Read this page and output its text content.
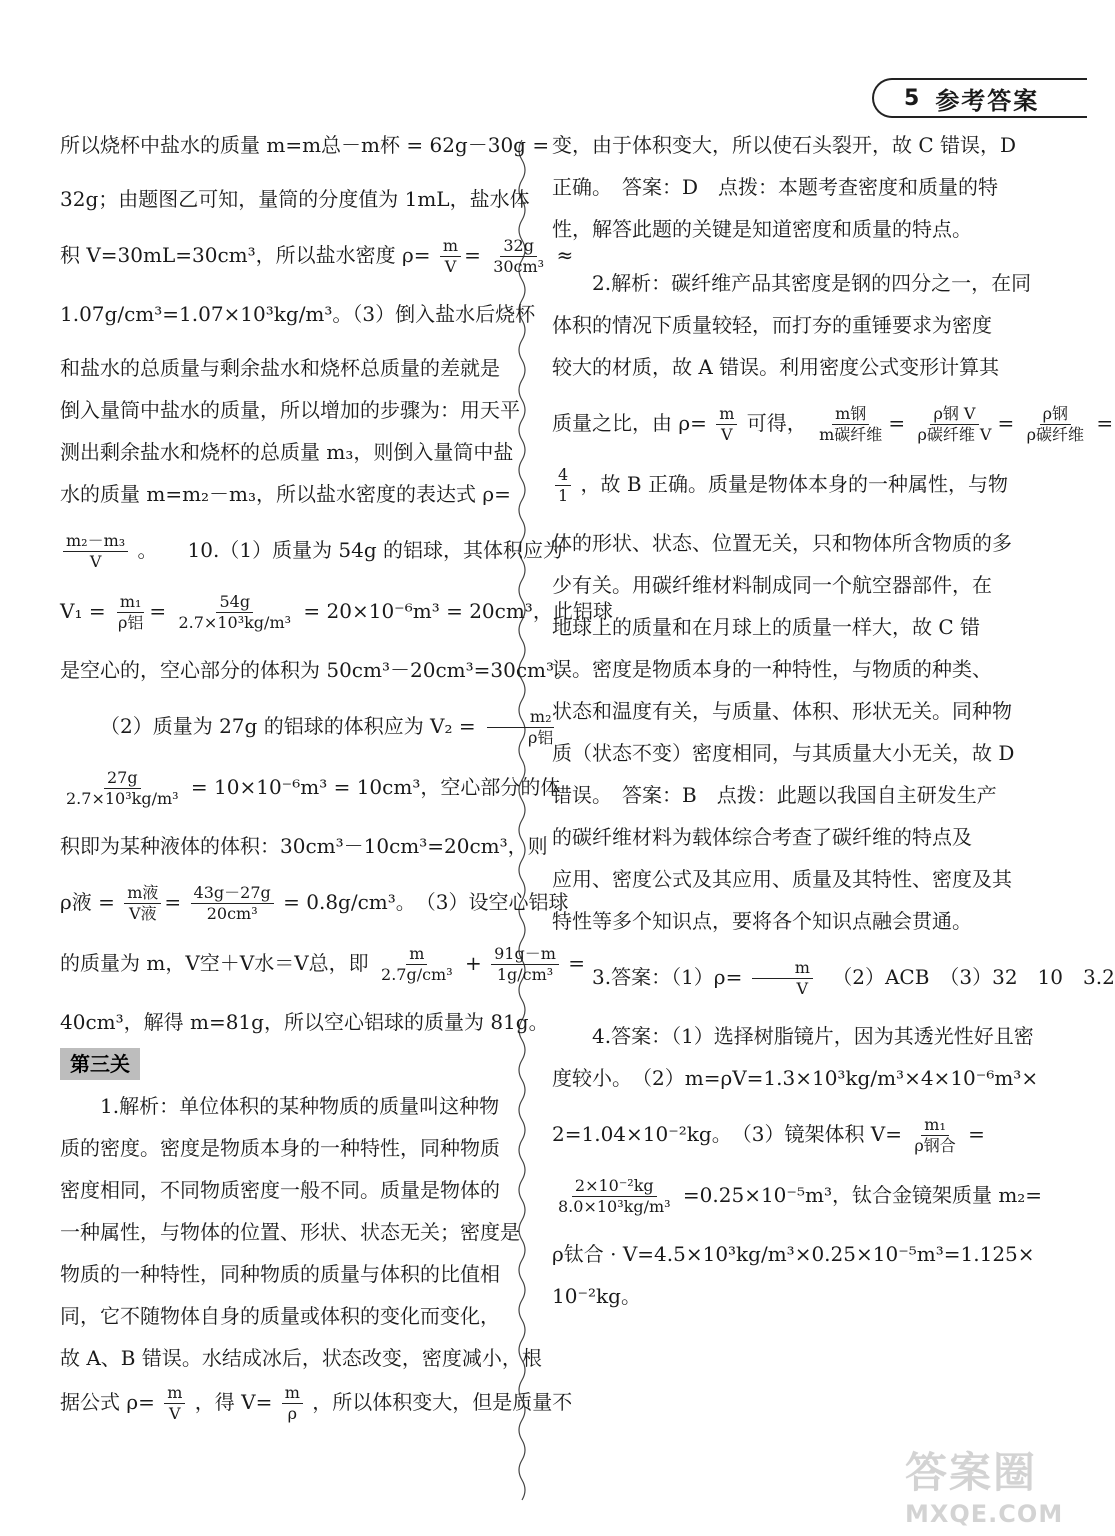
5 参考答案
所以烧杯中盐水的质量 m=m总－m杯 = 62g－30g =
32g；由题图乙可知，量筒的分度值为 1mL，盐水体
积 V=30mL=30cm³，所以盐水密度 $\rho= \frac{m}{V} = \frac{32g}{\text{30cm³}}$ ≈
1.07g/cm³=1.07×10³kg/m³。（3）倒入盐水后烧杯
和盐水的总质量与剩余盐水和烧杯总质量的差就是
倒入量筒中盐水的质量，所以增加的步骤为：用天平
测出剩余盐水和烧杯的总质量 m₃，则倒入量筒中盐
水的质量 m=m₂－m₃，所以盐水密度的表达式 ρ=
$\frac{\text{m₂－m₃}}{V}$ 。　　10.（1）质量为 54g 的铝球，其体积应为
$V_1 = \frac{\text{m₁}}{\text{ρ铝}} = \frac{54g}{\text{2.7×10³kg/m³}} = 20\times 10^{-6}m^3 = 20cm^3$，此铝球
是空心的，空心部分的体积为 50cm³－20cm³=30cm³。
（2）质量为 27g 的铝球的体积应为 $V_2 = \frac{\text{m₂}}{\text{ρ铝}}$
$\frac{27g}{\text{2.7×10³kg/m³}} = 10\times 10^{-6}m^3 = 10cm^3$，空心部分的体
积即为某种液体的体积：30cm³－10cm³=20cm³，则
ρ液 = $\frac{\text{m液}}{\text{V液}} = \frac{43g-27g}{\text{20cm³}} = 0.8g/cm^3$。　（3）设空心铝球
的质量为 m，V空＋V水＝V总，即 $\frac{m}{\text{2.7g/cm³}} + \frac{91g-m}{\text{1g/cm³}}$ =
40cm³，解得 m=81g，所以空心铝球的质量为 81g。
第三关
1.解析：单位体积的某种物质的质量叫这种物
质的密度。密度是物质本身的一种特性，同种物质
密度相同，不同物质密度一般不同。质量是物体的
一种属性，与物体的位置、形状、状态无关；密度是
物质的一种特性，同种物质的质量与体积的比值相
同，它不随物体自身的质量或体积的变化而变化，
故 A、B 错误。水结成冰后，状态改变，密度减小，根
据公式 $\rho= \frac{m}{V}$ ，得 $V= \frac{m}{\rho}$ ，所以体积变大，但是质量不
变，由于体积变大，所以使石头裂开，故 C 错误，D
正确。　答案：D　点拨：本题考查密度和质量的特
性，解答此题的关键是知道密度和质量的特点。
2.解析：碳纤维产品其密度是钢的四分之一，在同
体积的情况下质量较轻，而打夯的重锤要求为密度
较大的材质，故 A 错误。利用密度公式变形计算其
质量之比，由 $\rho= \frac{m}{V}$ 可得， $\frac{\text{m钢}}{\text{m碳纤维}} = \frac{\text{ρ钢 V}}{\text{ρ碳纤维 V}} = \frac{\text{ρ钢}}{\text{ρ碳纤维}}$ =
$\frac{4}{1}$ ，故 B 正确。质量是物体本身的一种属性，与物
体的形状、状态、位置无关，只和物体所含物质的多
少有关。用碳纤维材料制成同一个航空器部件，在
地球上的质量和在月球上的质量一样大，故 C 错
误。密度是物质本身的一种特性，与物质的种类、
状态和温度有关，与质量、体积、形状无关。同种物
质（状态不变）密度相同，与其质量大小无关，故 D
错误。　答案：B　点拨：此题以我国自主研发生产
的碳纤维材料为载体综合考查了碳纤维的特点及
应用、密度公式及其应用、质量及其特性、密度及其
特性等多个知识点，要将各个知识点融会贯通。
3.答案：$(1)\rho= \frac{m}{V}$ 　（2）ACB　（3）32　10　3.2
4.答案：（1）选择树脂镜片，因为其透光性好且密
度较小。　（2）m=ρV=1.3×10³kg/m³×4×10⁻⁶m³×
2=1.04×10⁻²kg。　（3）镜架体积 $V= \frac{\text{m₁}}{\text{ρ钢合}}$ =
$\frac{\text{2×10⁻²kg}}{\text{8.0×10³kg/m³}} =0.25\times 10^{-5}m^3$，钛合金镜架质量 m₂=
ρ钛合 · V=4.5×10³kg/m³×0.25×10⁻⁵m³=1.125×
10⁻²kg。
答案圈
MXQE.COM
